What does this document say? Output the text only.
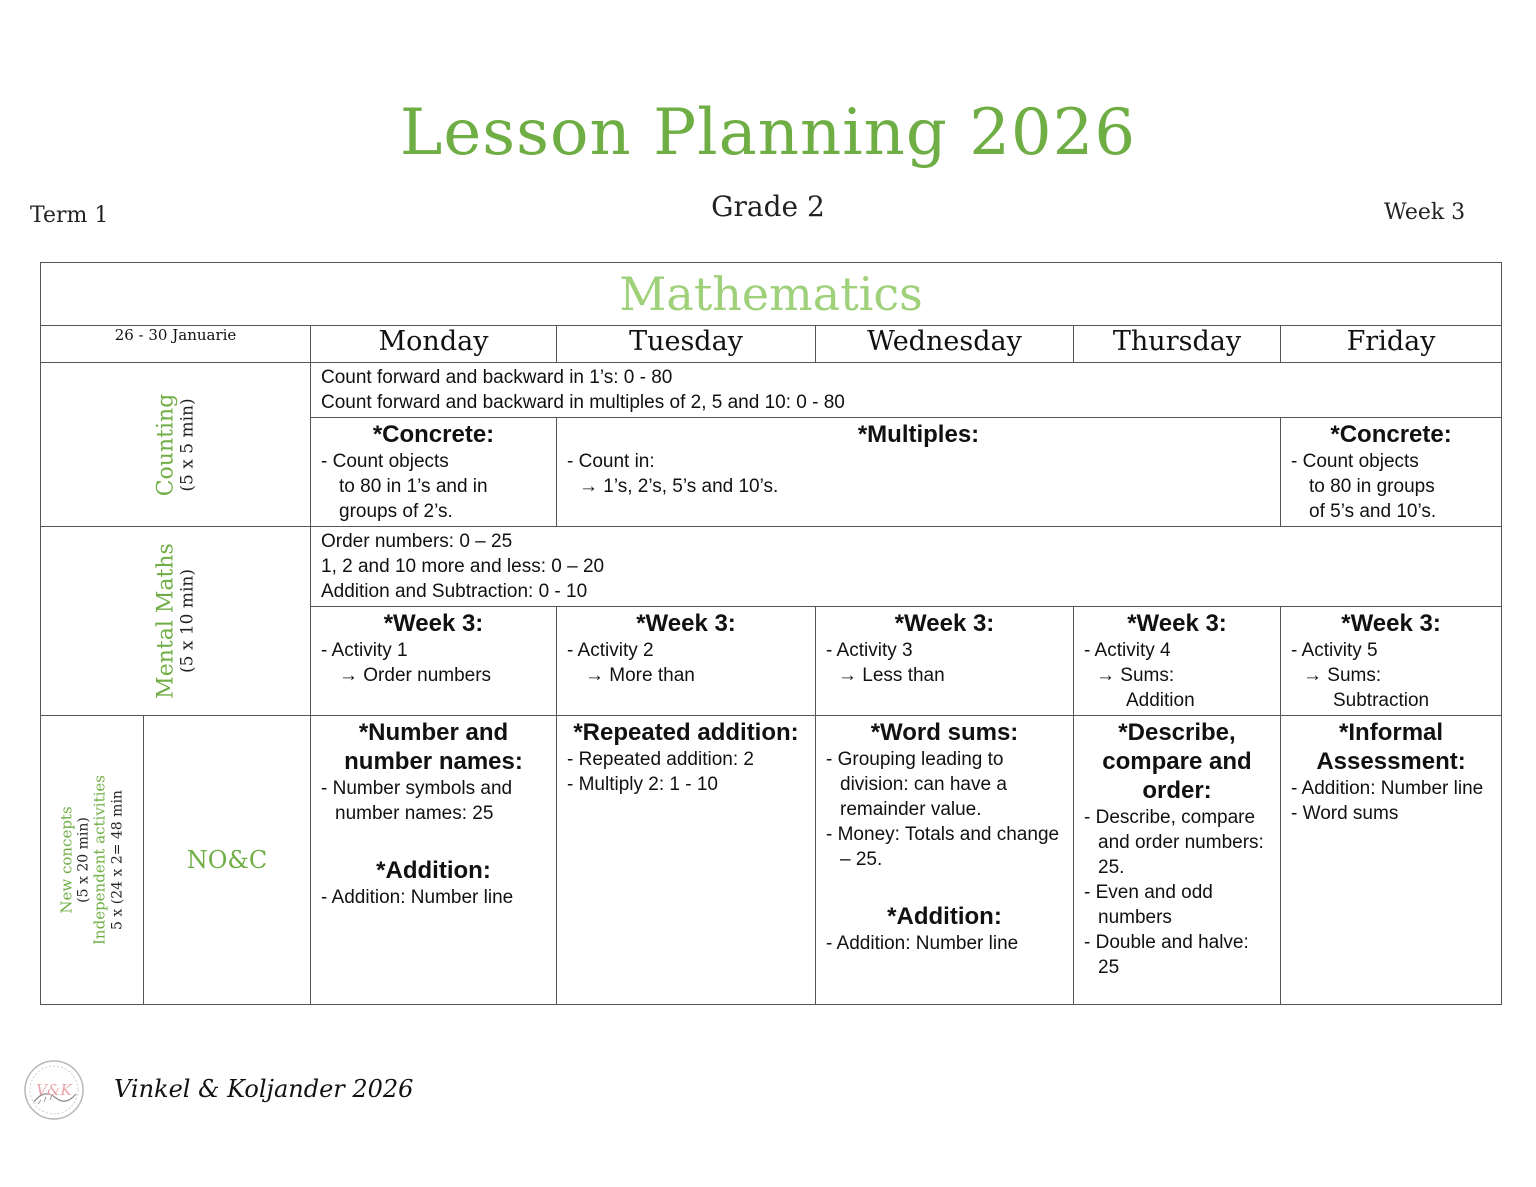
Lesson Planning 2026
Term 1	Grade 2	Week 3
Mathematics						
26 - 30 Januarie		Monday	Tuesday	Wednesday	Thursday	Friday

Counting (5 x 5 min)		Count forward and backward in 1’s: 0 - 80
Count forward and backward in multiples of 2, 5 and 10: 0 - 80				

		*Concrete:
- Count objects
to 80 in 1’s and in
groups of 2’s.	*Multiples:
- Count in:
→ 1’s, 2’s, 5’s and 10’s.			*Concrete:
- Count objects
to 80 in groups
of 5’s and 10’s.

Mental Maths (5 x 10 min)		Order numbers: 0 – 25
1, 2 and 10 more and less: 0 – 20
Addition and Subtraction: 0 - 10				

		*Week 3:
- Activity 1
→ Order numbers	*Week 3:
- Activity 2
→ More than	*Week 3:
- Activity 3
→ Less than	*Week 3:
- Activity 4
→ Sums:
Addition	*Week 3:
- Activity 5
→ Sums:
Subtraction

New concepts (5 x 20 min) Independent activities 5 x (24 x 2= 48 min	NO&C	*Number and number names:
- Number symbols and number names: 25
*Addition:
- Addition: Number line	*Repeated addition:
- Repeated addition: 2
- Multiply 2: 1 - 10	*Word sums:
- Grouping leading to division: can have a remainder value.
- Money: Totals and change – 25.
*Addition:
- Addition: Number line	*Describe, compare and order:
- Describe, compare and order numbers: 25.
- Even and odd numbers
- Double and halve: 25	*Informal Assessment:
- Addition: Number line
- Word sums
V&K Vinkel & Koljander 2026
